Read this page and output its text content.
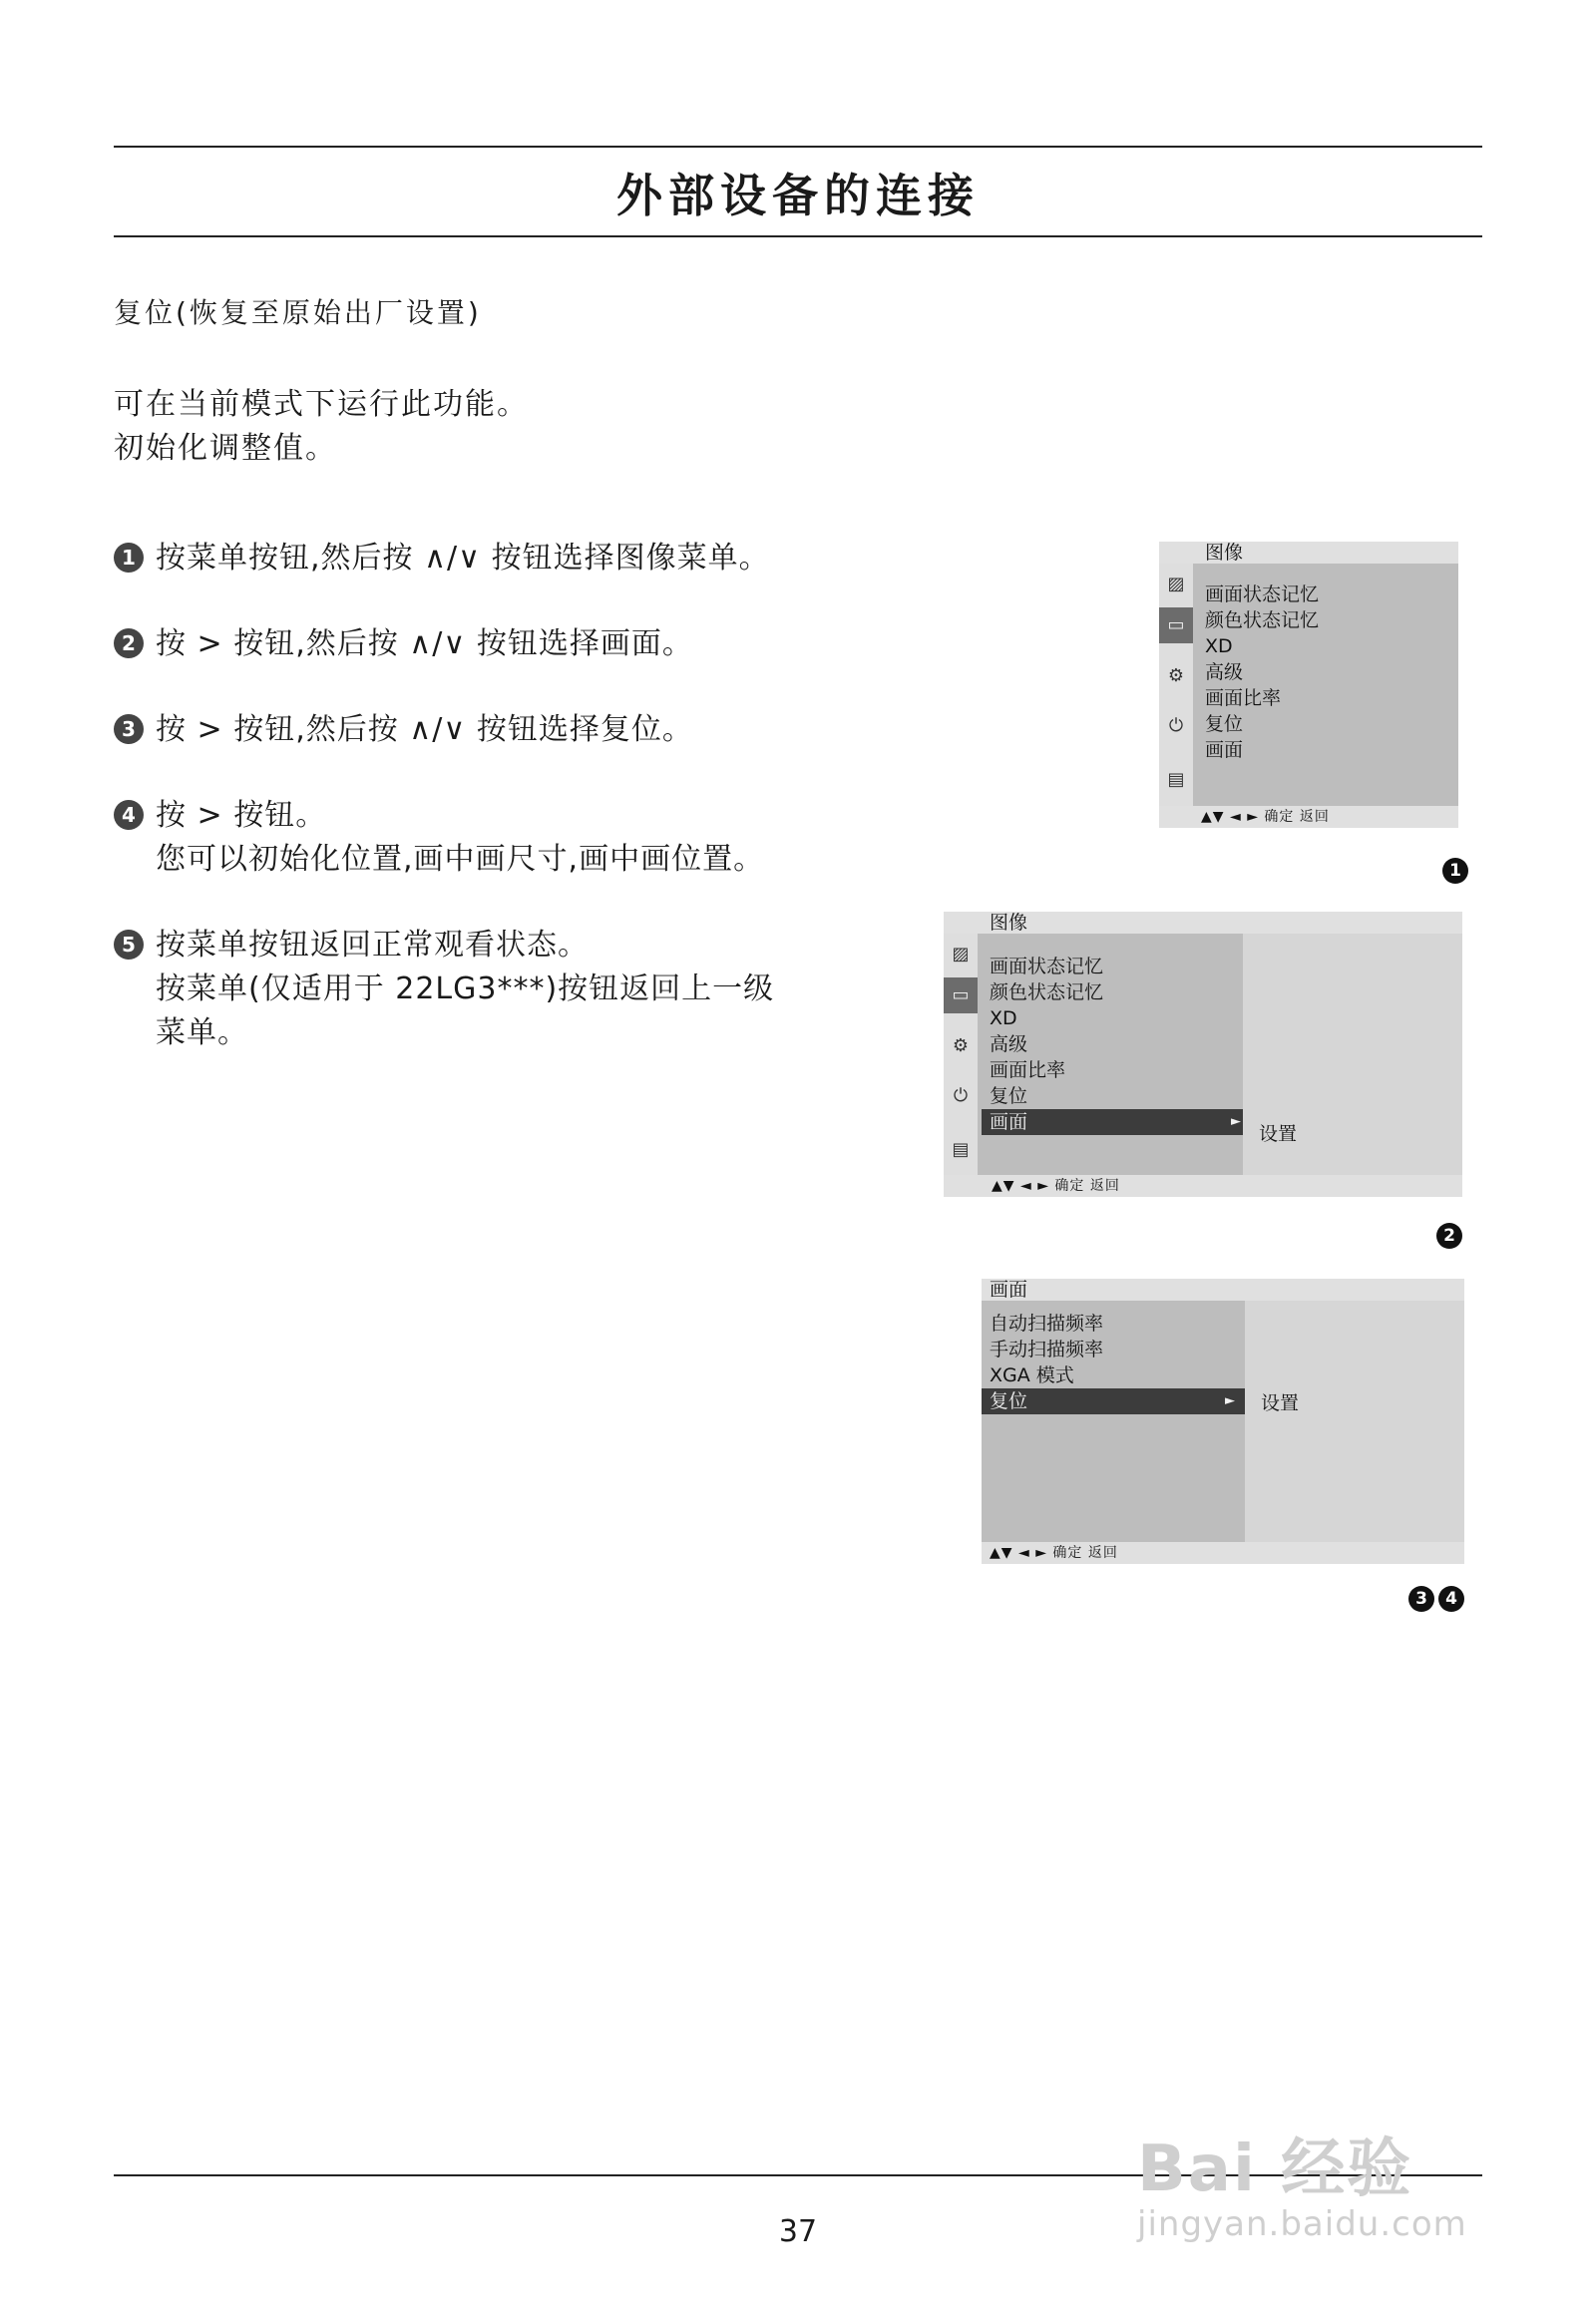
外部设备的连接
复位(恢复至原始出厂设置)
可在当前模式下运行此功能。
初始化调整值。
1 按菜单按钮,然后按 ∧/∨ 按钮选择图像菜单。
2 按 > 按钮,然后按 ∧/∨ 按钮选择画面。
3 按 > 按钮,然后按 ∧/∨ 按钮选择复位。
4 按 > 按钮。
您可以初始化位置,画中画尺寸,画中画位置。
5 按菜单按钮返回正常观看状态。
按菜单(仅适用于 22LG3***)按钮返回上一级
菜单。
图像
▨
▭
⚙
⏻
▤
画面状态记忆
颜色状态记忆
XD
高级
画面比率
复位
画面
▲▼ ◄ ► 确定 返回
1
图像
▨
▭
⚙
⏻
▤
画面状态记忆
颜色状态记忆
XD
高级
画面比率
复位
画面	►
设置
▲▼ ◄ ► 确定 返回
2
画面
自动扫描频率
手动扫描频率
XGA 模式
复位	► 设置
▲▼ ◄ ► 确定 返回
3	4
37
Bai 经验
jingyan.baidu.com
